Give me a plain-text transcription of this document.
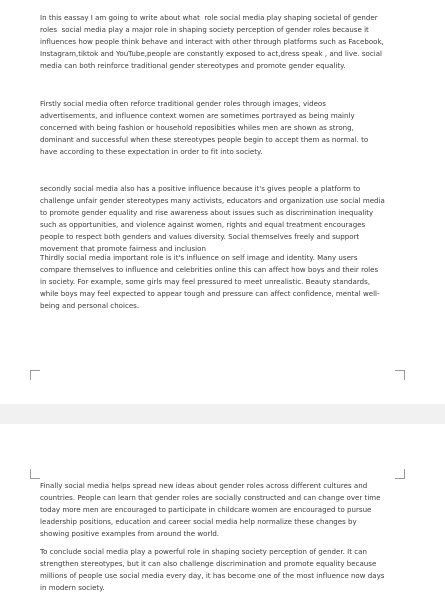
In this eassay I am going to write about what  role social media play shaping societal of gender
roles  social media play a major role in shaping society perception of gender roles because it
influences how people think behave and interact with other through platforms such as Facebook,
Instagram,tiktok and YouTube,people are constantly exposed to act,dress speak , and live. social
media can both reinforce traditional gender stereotypes and promote gender equality.

Firstly social media often reforce traditional gender roles through images, videos
advertisements, and influence context women are sometimes portrayed as being mainly
concerned with being fashion or household reposibities whiles men are shown as strong,
dominant and successful when these stereotypes people begin to accept them as normal. to
have according to these expectation in order to fit into society.

secondly social media also has a positive influence because it's gives people a platform to
challenge unfair gender stereotypes many activists, educators and organization use social media
to promote gender equality and rise awareness about issues such as discrimination inequality
such as opportunities, and violence against women, rights and equal treatment encourages
people to respect both genders and values diversity. Social themselves freely and support
movement that promote fairness and inclusion

Thirdly social media important role is it's influence on self image and identity. Many users
compare themselves to influence and celebrities online this can affect how boys and their roles
in society. For example, some girls may feel pressured to meet unrealistic. Beauty standards,
while boys may feel expected to appear tough and pressure can affect confidence, mental well-
being and personal choices.

Finally social media helps spread new ideas about gender roles across different cultures and
countries. People can learn that gender roles are socially constructed and can change over time
today more men are encouraged to participate in childcare women are encouraged to pursue
leadership positions, education and career social media help normalize these changes by
showing positive examples from around the world.

To conclude social media play a powerful role in shaping society perception of gender. It can
strengthen stereotypes, but it can also challenge discrimination and promote equality because
millions of people use social media every day, it has become one of the most influence now days
in modern society.
